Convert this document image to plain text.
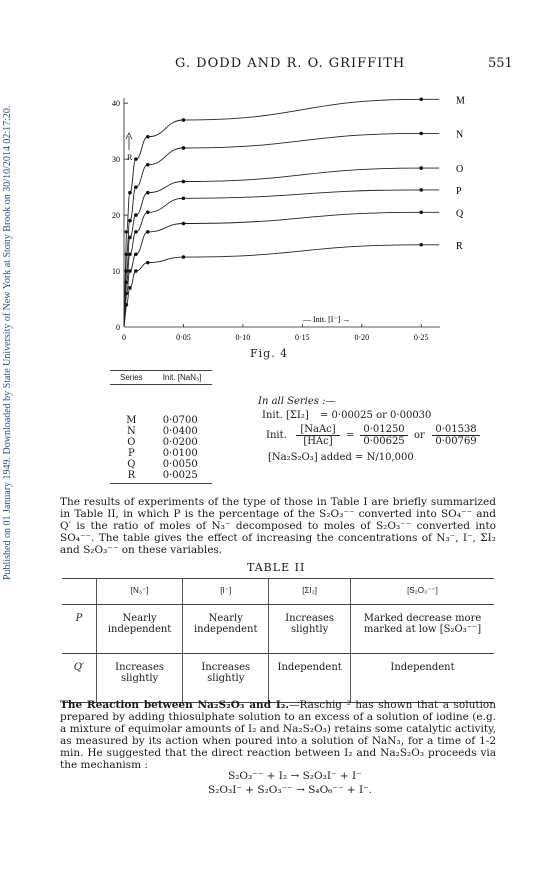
Published on 01 January 1949. Downloaded by State University of New York at Stony Brook on 30/10/2014 02:17:20.
G. DODD AND R. O. GRIFFITH	551
0
10
20
30
40
0	0·05	0·10	0·15	0·20	0·25
M
N
O
P
Q
R
R
— Init. [I⁻] →
Fig. 4
Series	Init. [NaN₃]
M	0·0700
N	0·0400
O	0·0200
P	0·0100
Q	0·0050
R	0·0025
In all Series :—
Init. [ΣI₂] = 0·00025 or 0·00030
Init.
[NaAc]
[HAc]
=
0·01250
0·00625
or
0·01538
0·00769
[Na₂S₂O₃] added = N/10,000
The results of experiments of the type of those in Table I are briefly summarized in Table II, in which P is the percentage of the S₂O₃⁻⁻ converted into SO₄⁻⁻ and Q′ is the ratio of moles of N₃⁻ decomposed to moles of S₂O₃⁻⁻ converted into SO₄⁻⁻. The table gives the effect of increasing the concentrations of N₃⁻, I⁻, ΣI₂ and S₂O₃⁻⁻ on these variables.
TABLE II
	[N₃⁻]	[I⁻]	[ΣI₂]	[S₂O₃⁻⁻]
P	Nearly independent	Nearly independent	Increases slightly	Marked decrease more marked at low [S₂O₃⁻⁻]
Q′	Increases slightly	Increases slightly	Independent	Independent
The Reaction between Na₂S₂O₃ and I₂.—Raschig ² has shown that a solution prepared by adding thiosulphate solution to an excess of a solution of iodine (e.g. a mixture of equimolar amounts of I₂ and Na₂S₂O₃) retains some catalytic activity, as measured by its action when poured into a solution of NaN₃, for a time of 1-2 min. He suggested that the direct reaction between I₂ and Na₂S₂O₃ proceeds via the mechanism :
S₂O₃⁻⁻ + I₂ → S₂O₃I⁻ + I⁻
S₂O₃I⁻ + S₂O₃⁻⁻ → S₄O₆⁻⁻ + I⁻.
